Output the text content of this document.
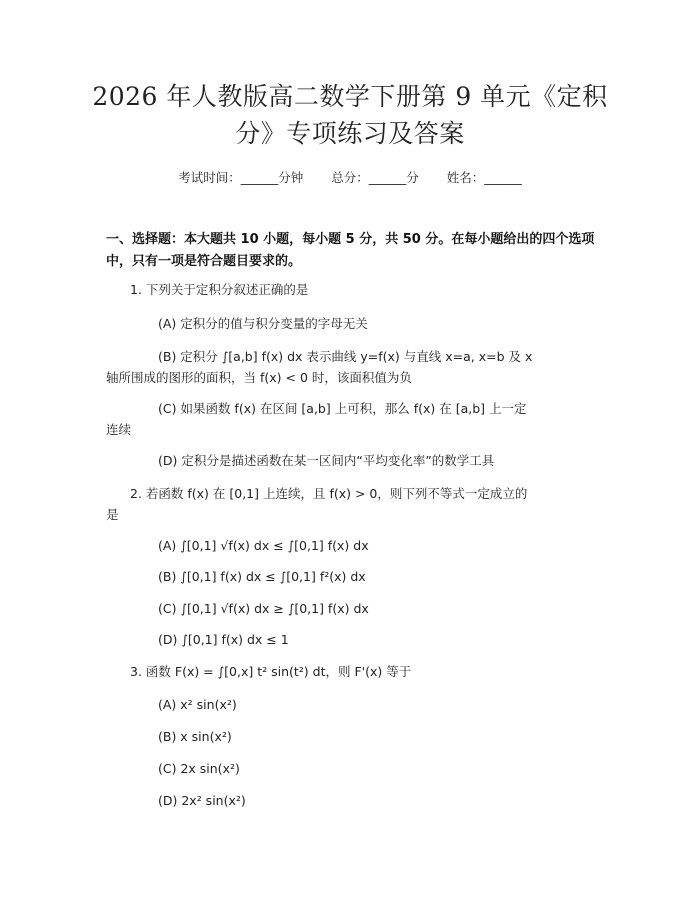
2026 年人教版高二数学下册第 9 单元《定积
分》专项练习及答案
考试时间：______分钟 总分：______分 姓名：______
一、选择题：本大题共 10 小题，每小题 5 分，共 50 分。在每小题给出的四个选项中，只有一项是符合题目要求的。
1. 下列关于定积分叙述正确的是
(A) 定积分的值与积分变量的字母无关
(B) 定积分 ∫[a,b] f(x) dx 表示曲线 y=f(x) 与直线 x=a, x=b 及 x
轴所围成的图形的面积，当 f(x) < 0 时，该面积值为负
(C) 如果函数 f(x) 在区间 [a,b] 上可积，那么 f(x) 在 [a,b] 上一定
连续
(D) 定积分是描述函数在某一区间内“平均变化率”的数学工具
2. 若函数 f(x) 在 [0,1] 上连续，且 f(x) > 0，则下列不等式一定成立的
是
(A) ∫[0,1] √f(x) dx ≤ ∫[0,1] f(x) dx
(B) ∫[0,1] f(x) dx ≤ ∫[0,1] f²(x) dx
(C) ∫[0,1] √f(x) dx ≥ ∫[0,1] f(x) dx
(D) ∫[0,1] f(x) dx ≤ 1
3. 函数 F(x) = ∫[0,x] t² sin(t²) dt，则 F'(x) 等于
(A) x² sin(x²)
(B) x sin(x²)
(C) 2x sin(x²)
(D) 2x² sin(x²)
